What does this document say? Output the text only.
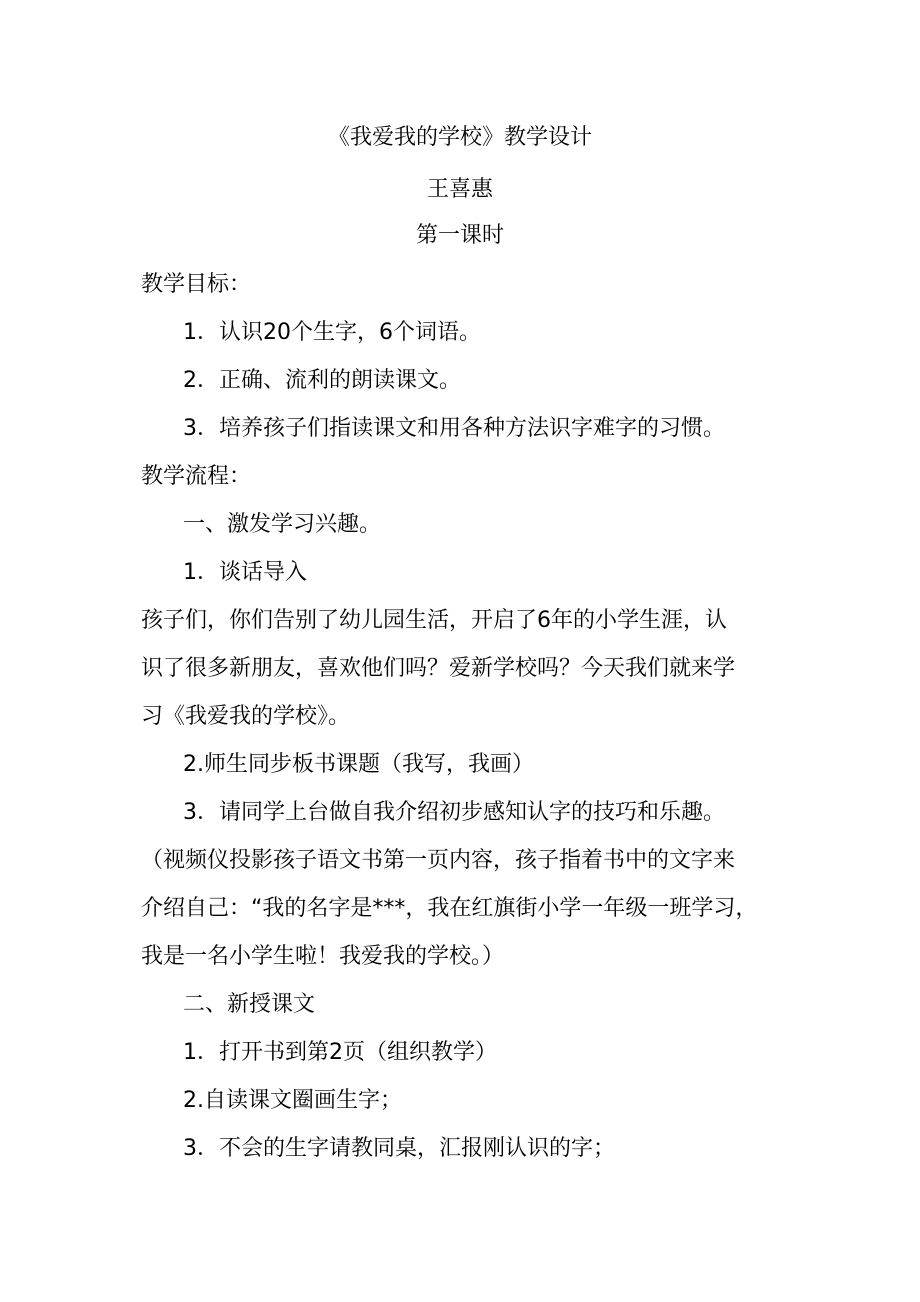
《我爱我的学校》教学设计
王喜惠
第一课时
教学目标：
1．认识20个生字，6个词语。
2．正确、流利的朗读课文。
3．培养孩子们指读课文和用各种方法识字难字的习惯。
教学流程：
一、激发学习兴趣。
1．谈话导入
孩子们，你们告别了幼儿园生活，开启了6年的小学生涯，认
识了很多新朋友，喜欢他们吗？爱新学校吗？今天我们就来学
习《我爱我的学校》。
2.师生同步板书课题（我写，我画）
3．请同学上台做自我介绍初步感知认字的技巧和乐趣。
（视频仪投影孩子语文书第一页内容，孩子指着书中的文字来
介绍自己：“我的名字是***，我在红旗街小学一年级一班学习，
我是一名小学生啦！我爱我的学校。）
二、新授课文
1．打开书到第2页（组织教学）
2.自读课文圈画生字；
3．不会的生字请教同桌，汇报刚认识的字；
